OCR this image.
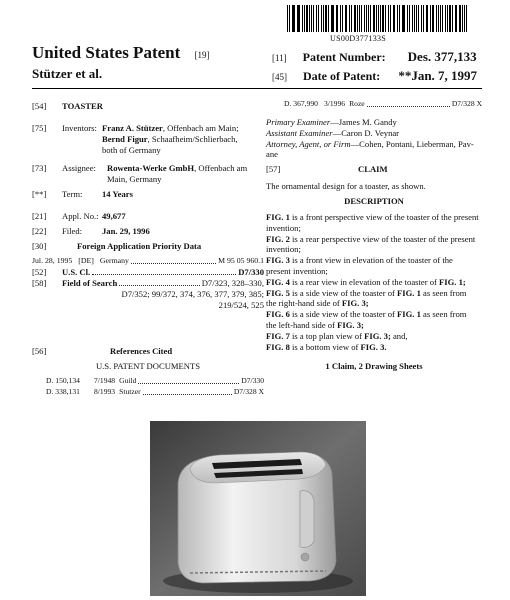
US00D377133S
United States Patent [19]
Stützer et al.
[11] Patent Number: Des. 377,133
[45] Date of Patent: **Jan. 7, 1997
[54] TOASTER
[75] Inventors: Franz A. Stützer, Offenbach am Main;
Bernd Figur, Schaafheim/Schlierbach,
both of Germany
[73] Assignee: Rowenta-Werke GmbH, Offenbach am
Main, Germany
[**] Term: 14 Years
[21] Appl. No.: 49,677
[22] Filed: Jan. 29, 1996
[30]	Foreign Application Priority Data
Jul. 28, 1995 [DE] Germany	M 95 05 960.1
[52]	U.S. Cl.	D7/330
[58]	Field of Search	D7/323, 328–330,
D7/352; 99/372, 374, 376, 377, 379, 385;
219/524, 525
[56]	References Cited
U.S. PATENT DOCUMENTS
D. 150,134	7/1948 Guild	D7/330
D. 338,131	8/1993 Stutzer	D7/328 X
D. 367,990 3/1996 Roze	D7/328 X
Primary Examiner—James M. Gandy
Assistant Examiner—Caron D. Veynar
Attorney, Agent, or Firm—Cohen, Pontani, Lieberman, Pav-
ane
[57]	CLAIM
The ornamental design for a toaster, as shown.
DESCRIPTION
FIG. 1 is a front perspective view of the toaster of the present
invention;
FIG. 2 is a rear perspective view of the toaster of the present
invention;
FIG. 3 is a front view in elevation of the toaster of the
present invention;
FIG. 4 is a rear view in elevation of the toaster of FIG. 1;
FIG. 5 is a side view of the toaster of FIG. 1 as seen from
the right-hand side of FIG. 3;
FIG. 6 is a side view of the toaster of FIG. 1 as seen from
the left-hand side of FIG. 3;
FIG. 7 is a top plan view of FIG. 3; and,
FIG. 8 is a bottom view of FIG. 3.
1 Claim, 2 Drawing Sheets
